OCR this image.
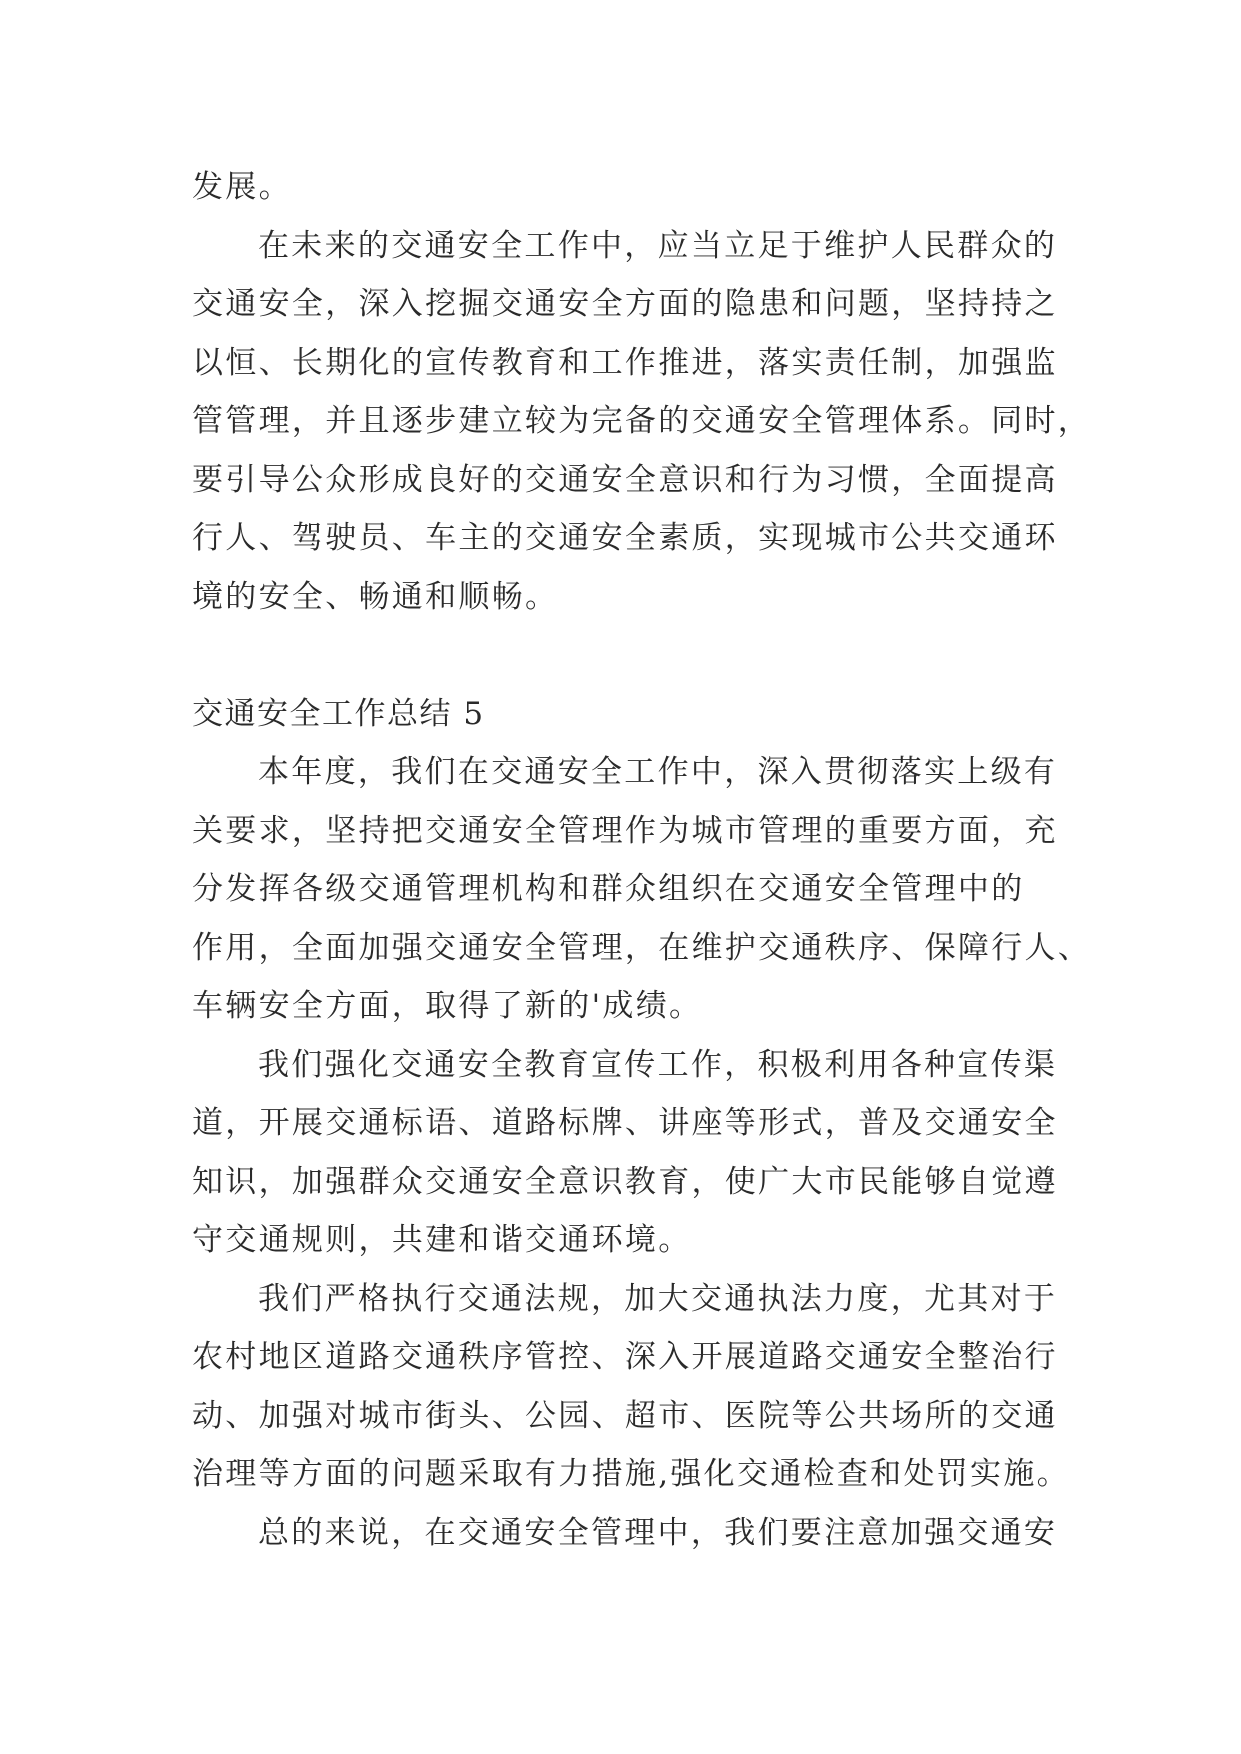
发展。
在未来的交通安全工作中，应当立足于维护人民群众的
交通安全，深入挖掘交通安全方面的隐患和问题，坚持持之
以恒、长期化的宣传教育和工作推进，落实责任制，加强监
管管理，并且逐步建立较为完备的交通安全管理体系。同时，
要引导公众形成良好的交通安全意识和行为习惯，全面提高
行人、驾驶员、车主的交通安全素质，实现城市公共交通环
境的安全、畅通和顺畅。
交通安全工作总结 5
本年度，我们在交通安全工作中，深入贯彻落实上级有
关要求，坚持把交通安全管理作为城市管理的重要方面，充
分发挥各级交通管理机构和群众组织在交通安全管理中的
作用，全面加强交通安全管理，在维护交通秩序、保障行人、
车辆安全方面，取得了新的'成绩。
我们强化交通安全教育宣传工作，积极利用各种宣传渠
道，开展交通标语、道路标牌、讲座等形式，普及交通安全
知识，加强群众交通安全意识教育，使广大市民能够自觉遵
守交通规则，共建和谐交通环境。
我们严格执行交通法规，加大交通执法力度，尤其对于
农村地区道路交通秩序管控、深入开展道路交通安全整治行
动、加强对城市街头、公园、超市、医院等公共场所的交通
治理等方面的问题采取有力措施,强化交通检查和处罚实施。
总的来说，在交通安全管理中，我们要注意加强交通安
